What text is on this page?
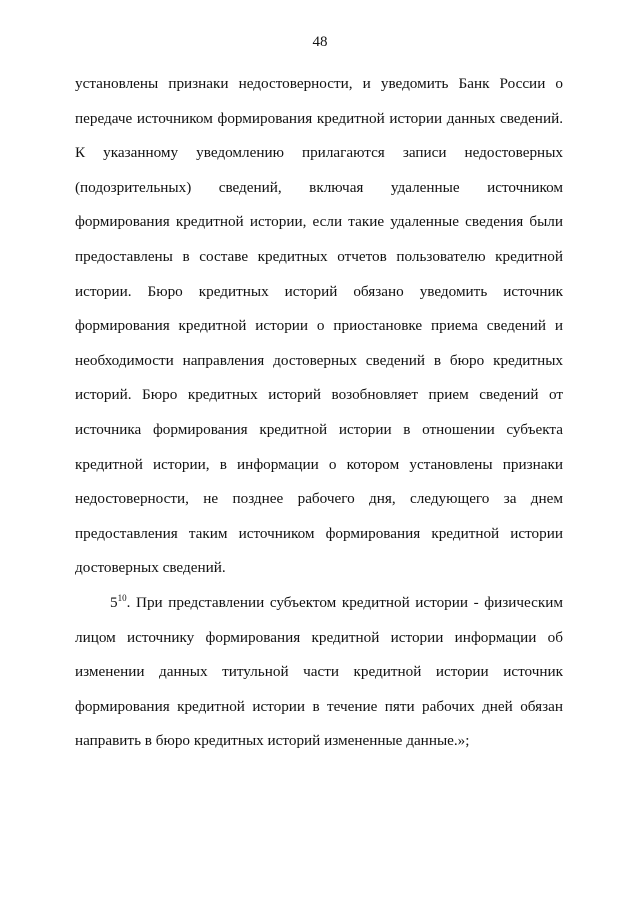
48
установлены признаки недостоверности, и уведомить Банк России о
передаче источником формирования кредитной истории данных сведений.
К указанному уведомлению прилагаются записи недостоверных
(подозрительных) сведений, включая удаленные источником
формирования кредитной истории, если такие удаленные сведения были
предоставлены в составе кредитных отчетов пользователю кредитной
истории. Бюро кредитных историй обязано уведомить источник
формирования кредитной истории о приостановке приема сведений и
необходимости направления достоверных сведений в бюро кредитных
историй. Бюро кредитных историй возобновляет прием сведений от
источника формирования кредитной истории в отношении субъекта
кредитной истории, в информации о котором установлены признаки
недостоверности, не позднее рабочего дня, следующего за днем
предоставления таким источником формирования кредитной истории
достоверных сведений.
$5^{10}$. При представлении субъектом кредитной истории - физическим
лицом источнику формирования кредитной истории информации об
изменении данных титульной части кредитной истории источник
формирования кредитной истории в течение пяти рабочих дней обязан
направить в бюро кредитных историй измененные данные.»;
